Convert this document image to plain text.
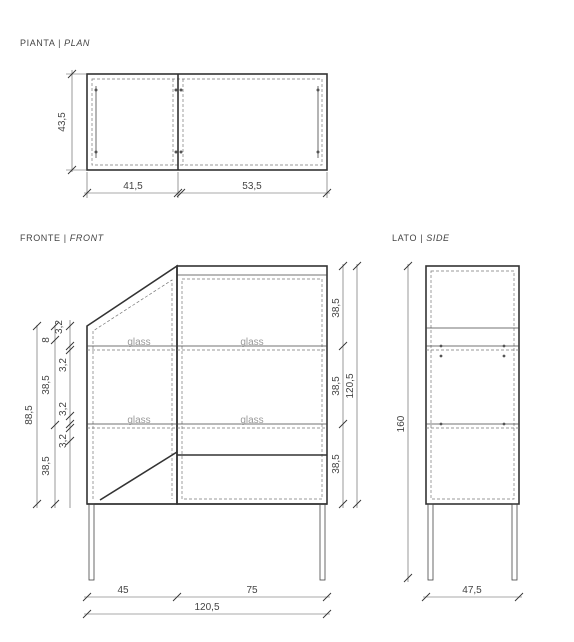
PIANTA | PLAN
FRONTE | FRONT	LATO | SIDE
43,5
41,5	53,5
glass	glass
glass	glass
88,5
3,2
8
3,2
38,5
3,2
3,2
38,5
38,5
38,5
38,5
120,5
45	75
120,5
160
47,5
